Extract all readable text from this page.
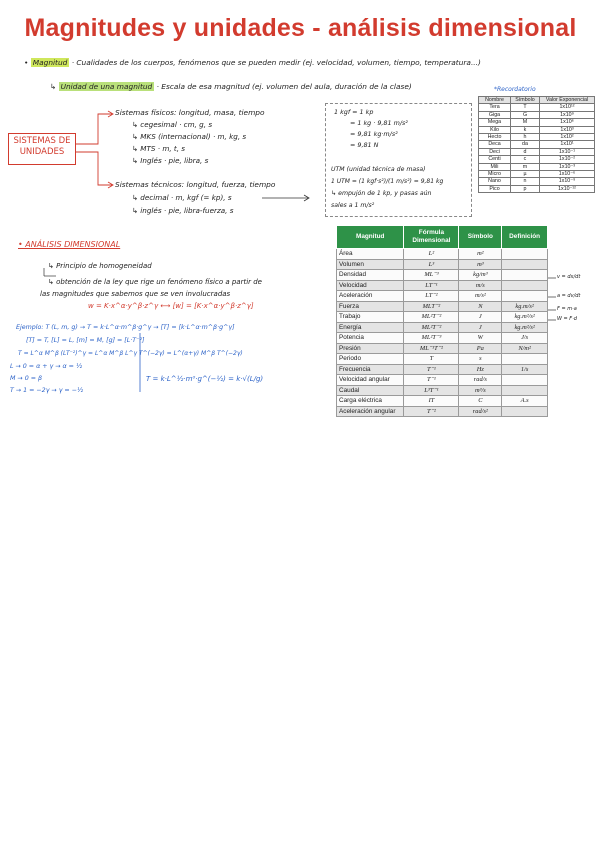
Magnitudes y unidades - análisis dimensional
• Magnitud · Cualidades de los cuerpos, fenómenos que se pueden medir (ej. velocidad, volumen, tiempo, temperatura...)
↳ Unidad de una magnitud · Escala de esa magnitud (ej. volumen del aula, duración de la clase)
SISTEMAS DE UNIDADES
Sistemas físicos: longitud, masa, tiempo
↳ cegesimal · cm, g, s
↳ MKS (internacional) · m, kg, s
↳ MTS · m, t, s
↳ Inglés · pie, libra, s
Sistemas técnicos: longitud, fuerza, tiempo
↳ decimal · m, kgf (= kp), s
↳ inglés · pie, libra-fuerza, s
1 kgf = 1 kp
= 1 kg · 9,81 m/s²
= 9,81 kg·m/s²
= 9,81 N
UTM (unidad técnica de masa)
1 UTM = (1 kgf·s²)/(1 m/s²) = 9,81 kg
↳ empujón de 1 kp, y pasas aún
sales a 1 m/s²
*Recordatorio
Nombre	Símbolo	Valor Exponencial
Tera	T	1x10¹²
Giga	G	1x10⁹
Mega	M	1x10⁶
Kilo	k	1x10³
Hecto	h	1x10²
Deca	da	1x10¹
Deci	d	1x10⁻¹
Centi	c	1x10⁻²
Mili	m	1x10⁻³
Micro	µ	1x10⁻⁶
Nano	n	1x10⁻⁹
Pico	p	1x10⁻¹²
• ANÁLISIS DIMENSIONAL
↳ Principio de homogeneidad
↳ obtención de la ley que rige un fenómeno físico a partir de
las magnitudes que sabemos que se ven involucradas
w = K·x^α·y^β·z^γ ⟷ [w] = [K·x^α·y^β·z^γ]
Ejemplo: T (L, m, g) → T = k·L^α·m^β·g^γ → [T] = [k·L^α·m^β·g^γ]
[T] = T, [L] = L, [m] = M, [g] = [L·T⁻²]
T = L^α M^β (LT⁻²)^γ = L^α M^β L^γ T^(−2γ) = L^(α+γ) M^β T^(−2γ)
L → 0 = α + γ → α = ½
M → 0 = β
T → 1 = −2γ → γ = −½
T = k·L^½·m⁰·g^(−½) = k·√(L/g)
Magnitud	Fórmula Dimensional	Símbolo	Definición
Área	L²	m²	
Volumen	L³	m³	
Densidad	ML⁻³	kg/m³	
Velocidad	LT⁻¹	m/s	
Aceleración	LT⁻²	m/s²	
Fuerza	MLT⁻²	N	kg.m/s²
Trabajo	ML²T⁻²	J	kg.m²/s²
Energía	ML²T⁻²	J	kg.m²/s²
Potencia	ML²T⁻³	W	J/s
Presión	ML⁻¹T⁻²	Pa	N/m²
Periodo	T	s	
Frecuencia	T⁻¹	Hz	1/s
Velocidad angular	T⁻¹	rad/s	
Caudal	L³T⁻¹	m³/s	
Carga eléctrica	IT	C	A.s
Aceleración angular	T⁻²	rad/s²	
v = dx/dt
a = dv/dt
F = m·a
W = F·d
